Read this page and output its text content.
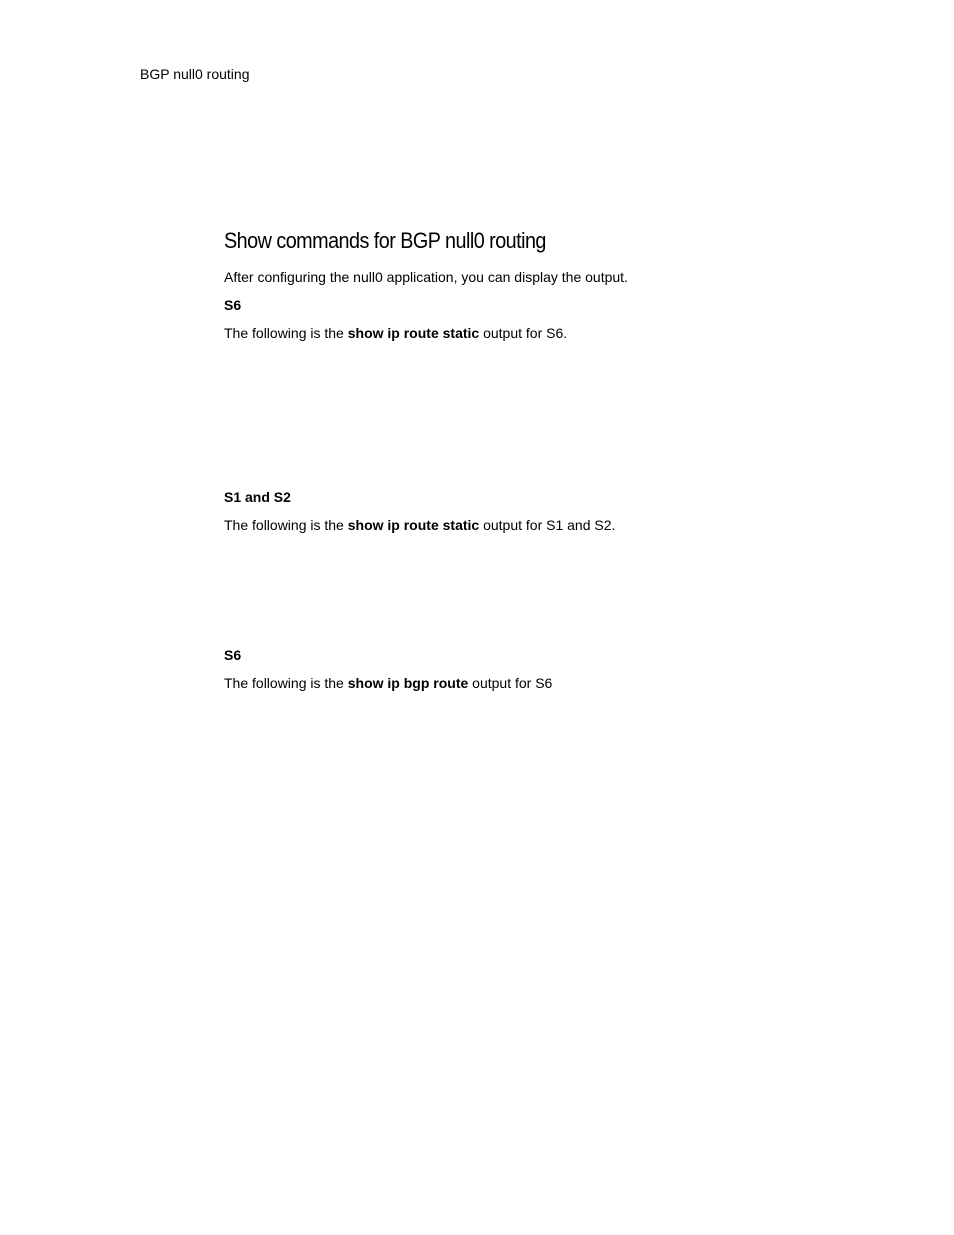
BGP null0 routing
Show commands for BGP null0 routing

After configuring the null0 application, you can display the output.

S6

The following is the show ip route static output for S6.

S1 and S2

The following is the show ip route static output for S1 and S2.

S6

The following is the show ip bgp route output for S6
